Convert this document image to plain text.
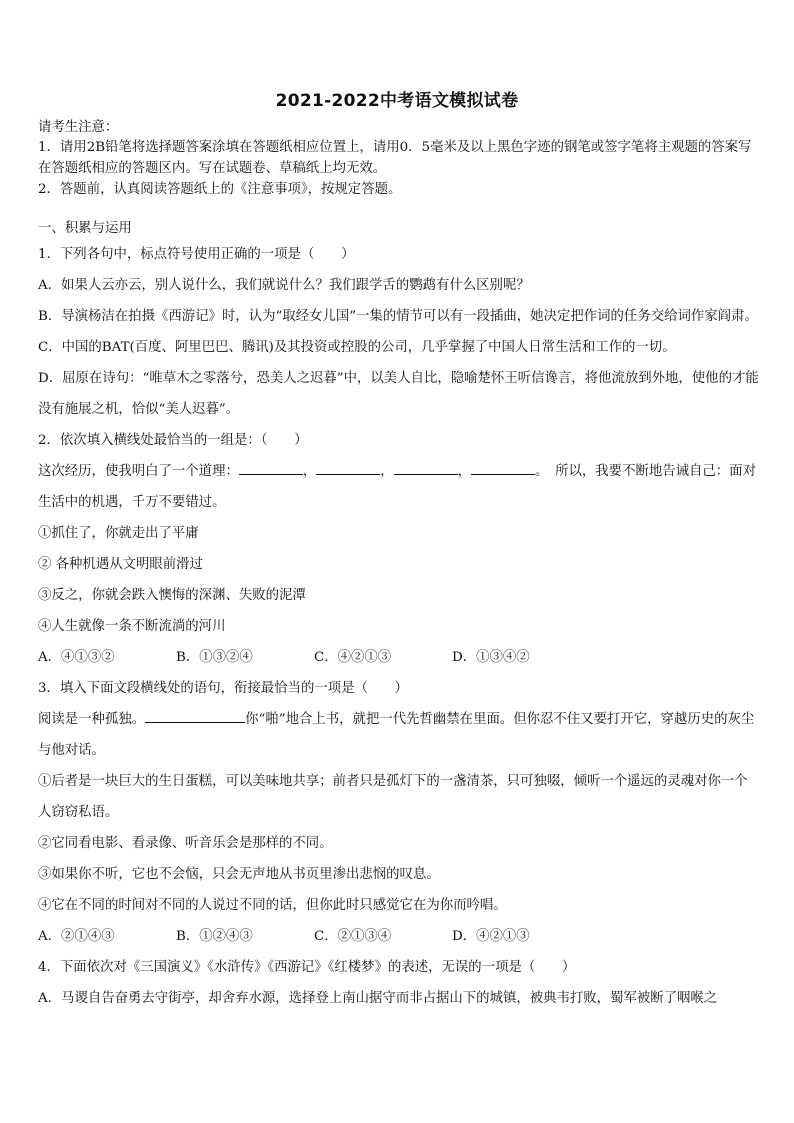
2021-2022中考语文模拟试卷

请考生注意：

1．请用2B铅笔将选择题答案涂填在答题纸相应位置上，请用0．5毫米及以上黑色字迹的钢笔或签字笔将主观题的答案写在答题纸相应的答题区内。写在试题卷、草稿纸上均无效。

2．答题前，认真阅读答题纸上的《注意事项》，按规定答题。

一、积累与运用

1．下列各句中，标点符号使用正确的一项是（　　）

A．如果人云亦云，别人说什么，我们就说什么？我们跟学舌的鹦鹉有什么区别呢？

B．导演杨洁在拍摄《西游记》时，认为“取经女儿国”一集的情节可以有一段插曲，她决定把作词的任务交给词作家阎肃。

C．中国的BAT(百度、阿里巴巴、腾讯)及其投资或控股的公司，几乎掌握了中国人日常生活和工作的一切。

D．屈原在诗句：“唯草木之零落兮，恐美人之迟暮”中，以美人自比，隐喻楚怀王听信谗言，将他流放到外地，使他的才能没有施展之机，恰似“美人迟暮”。

2．依次填入横线处最恰当的一组是：（　　）

这次经历，使我明白了一个道理：	，	，	，	。　所以，我要不断地告诫自己：面对生活中的机遇，千万不要错过。

①抓住了，你就走出了平庸

② 各种机遇从文明眼前滑过

③反之，你就会跌入懊悔的深渊、失败的泥潭

④人生就像一条不断流淌的河川

A．④①③②	B．①③②④	C．④②①③	D．①③④②

3．填入下面文段横线处的语句，衔接最恰当的一项是（　　）

阅读是一种孤独。	你“啪”地合上书，就把一代先哲幽禁在里面。但你忍不住又要打开它，穿越历史的灰尘与他对话。

①后者是一块巨大的生日蛋糕，可以美味地共享；前者只是孤灯下的一盏清茶，只可独啜，倾听一个遥远的灵魂对你一个人窃窃私语。

②它同看电影、看录像、听音乐会是那样的不同。

③如果你不听，它也不会恼，只会无声地从书页里渗出悲悯的叹息。

④它在不同的时间对不同的人说过不同的话，但你此时只感觉它在为你而吟唱。

A．②①④③	B．①②④③	C．②①③④	D．④②①③

4．下面依次对《三国演义》《水浒传》《西游记》《红楼梦》的表述，无误的一项是（　　）

A．马谡自告奋勇去守街亭，却舍弃水源，选择登上南山据守而非占据山下的城镇，被典韦打败，蜀军被断了咽喉之
